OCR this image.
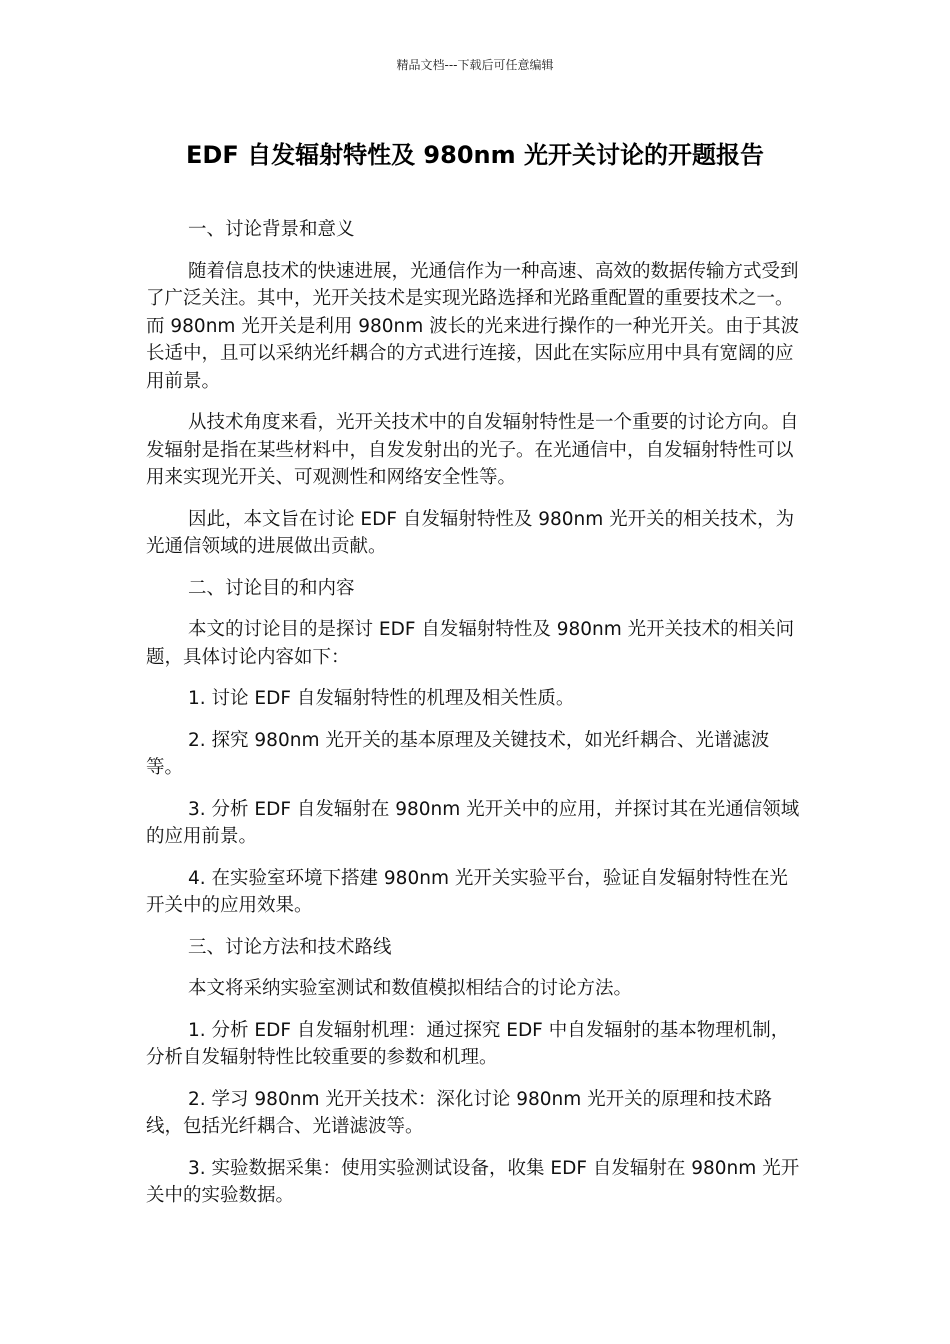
精品文档---下载后可任意编辑
EDF 自发辐射特性及 980nm 光开关讨论的开题报告
一、讨论背景和意义

随着信息技术的快速进展，光通信作为一种高速、高效的数据传输方式受到了广泛关注。其中，光开关技术是实现光路选择和光路重配置的重要技术之一。而 980nm 光开关是利用 980nm 波长的光来进行操作的一种光开关。由于其波长适中，且可以采纳光纤耦合的方式进行连接，因此在实际应用中具有宽阔的应用前景。

从技术角度来看，光开关技术中的自发辐射特性是一个重要的讨论方向。自发辐射是指在某些材料中，自发发射出的光子。在光通信中，自发辐射特性可以用来实现光开关、可观测性和网络安全性等。

因此，本文旨在讨论 EDF 自发辐射特性及 980nm 光开关的相关技术，为光通信领域的进展做出贡献。

二、讨论目的和内容

本文的讨论目的是探讨 EDF 自发辐射特性及 980nm 光开关技术的相关问题，具体讨论内容如下：

1. 讨论 EDF 自发辐射特性的机理及相关性质。

2. 探究 980nm 光开关的基本原理及关键技术，如光纤耦合、光谱滤波等。

3. 分析 EDF 自发辐射在 980nm 光开关中的应用，并探讨其在光通信领域的应用前景。

4. 在实验室环境下搭建 980nm 光开关实验平台，验证自发辐射特性在光开关中的应用效果。

三、讨论方法和技术路线

本文将采纳实验室测试和数值模拟相结合的讨论方法。

1. 分析 EDF 自发辐射机理：通过探究 EDF 中自发辐射的基本物理机制，分析自发辐射特性比较重要的参数和机理。

2. 学习 980nm 光开关技术：深化讨论 980nm 光开关的原理和技术路线，包括光纤耦合、光谱滤波等。

3. 实验数据采集：使用实验测试设备，收集 EDF 自发辐射在 980nm 光开关中的实验数据。
